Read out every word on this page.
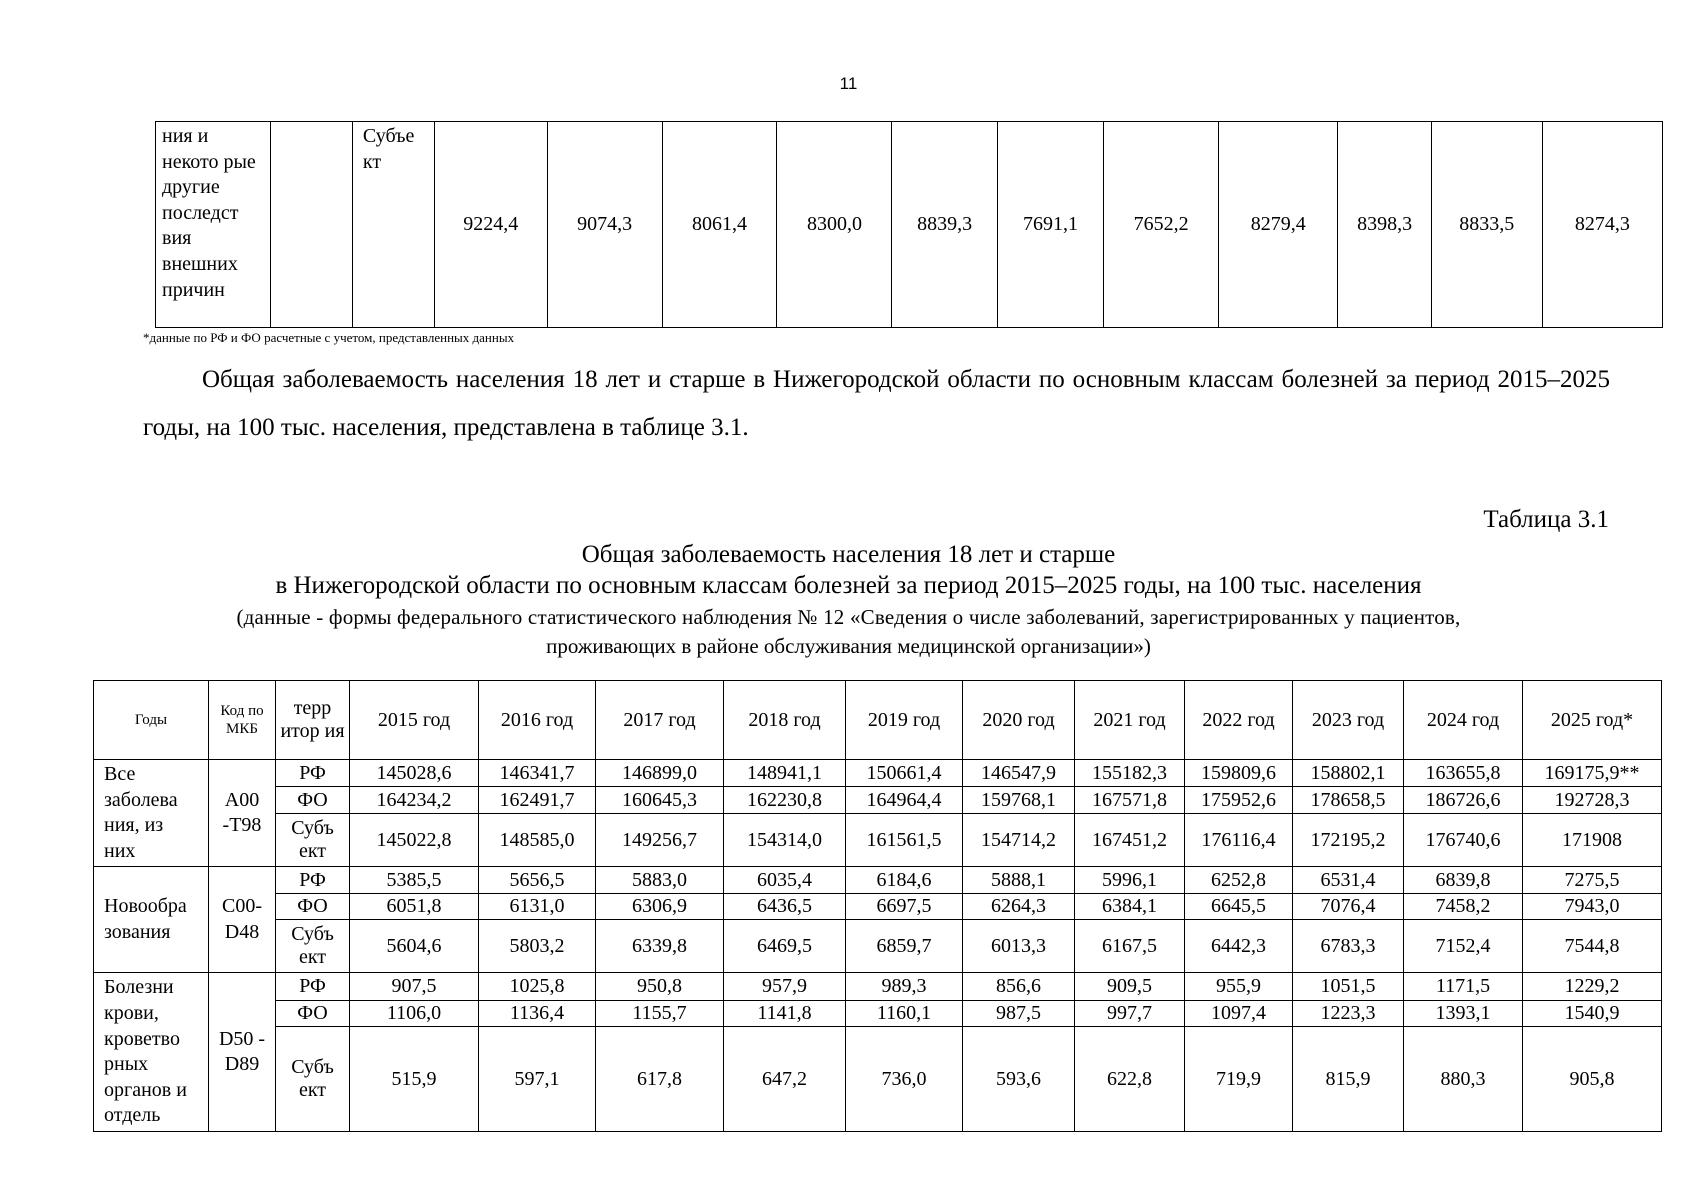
11
ния и некото рые другие последст вия внешних причин		Субъе кт	9224,4	9074,3	8061,4	8300,0	8839,3	7691,1	7652,2	8279,4	8398,3	8833,5	8274,3
*данные по РФ и ФО расчетные с учетом, представленных данных

Общая заболеваемость населения 18 лет и старше в Нижегородской области по основным классам болезней за период 2015–2025 годы, на 100 тыс. населения, представлена в таблице 3.1.

Таблица 3.1
Общая заболеваемость населения 18 лет и старше
в Нижегородской области по основным классам болезней за период 2015–2025 годы, на 100 тыс. населения
(данные - формы федерального статистического наблюдения № 12 «Сведения о числе заболеваний, зарегистрированных у пациентов,
проживающих в районе обслуживания медицинской организации»)
Годы	Код по МКБ	терр итор ия	2015 год	2016 год	2017 год	2018 год	2019 год	2020 год	2021 год	2022 год	2023 год	2024 год	2025 год*
Все заболева ния, из них	А00 -Т98	РФ	145028,6	146341,7	146899,0	148941,1	150661,4	146547,9	155182,3	159809,6	158802,1	163655,8	169175,9**
		ФО	164234,2	162491,7	160645,3	162230,8	164964,4	159768,1	167571,8	175952,6	178658,5	186726,6	192728,3
		Субъ ект	145022,8	148585,0	149256,7	154314,0	161561,5	154714,2	167451,2	176116,4	172195,2	176740,6	171908
Новообра зования	С00- D48	РФ	5385,5	5656,5	5883,0	6035,4	6184,6	5888,1	5996,1	6252,8	6531,4	6839,8	7275,5
		ФО	6051,8	6131,0	6306,9	6436,5	6697,5	6264,3	6384,1	6645,5	7076,4	7458,2	7943,0
		Субъ ект	5604,6	5803,2	6339,8	6469,5	6859,7	6013,3	6167,5	6442,3	6783,3	7152,4	7544,8
Болезни крови, кроветво рных органов и отдель	D50 - D89	РФ	907,5	1025,8	950,8	957,9	989,3	856,6	909,5	955,9	1051,5	1171,5	1229,2
		ФО	1106,0	1136,4	1155,7	1141,8	1160,1	987,5	997,7	1097,4	1223,3	1393,1	1540,9
		Субъ ект	515,9	597,1	617,8	647,2	736,0	593,6	622,8	719,9	815,9	880,3	905,8
